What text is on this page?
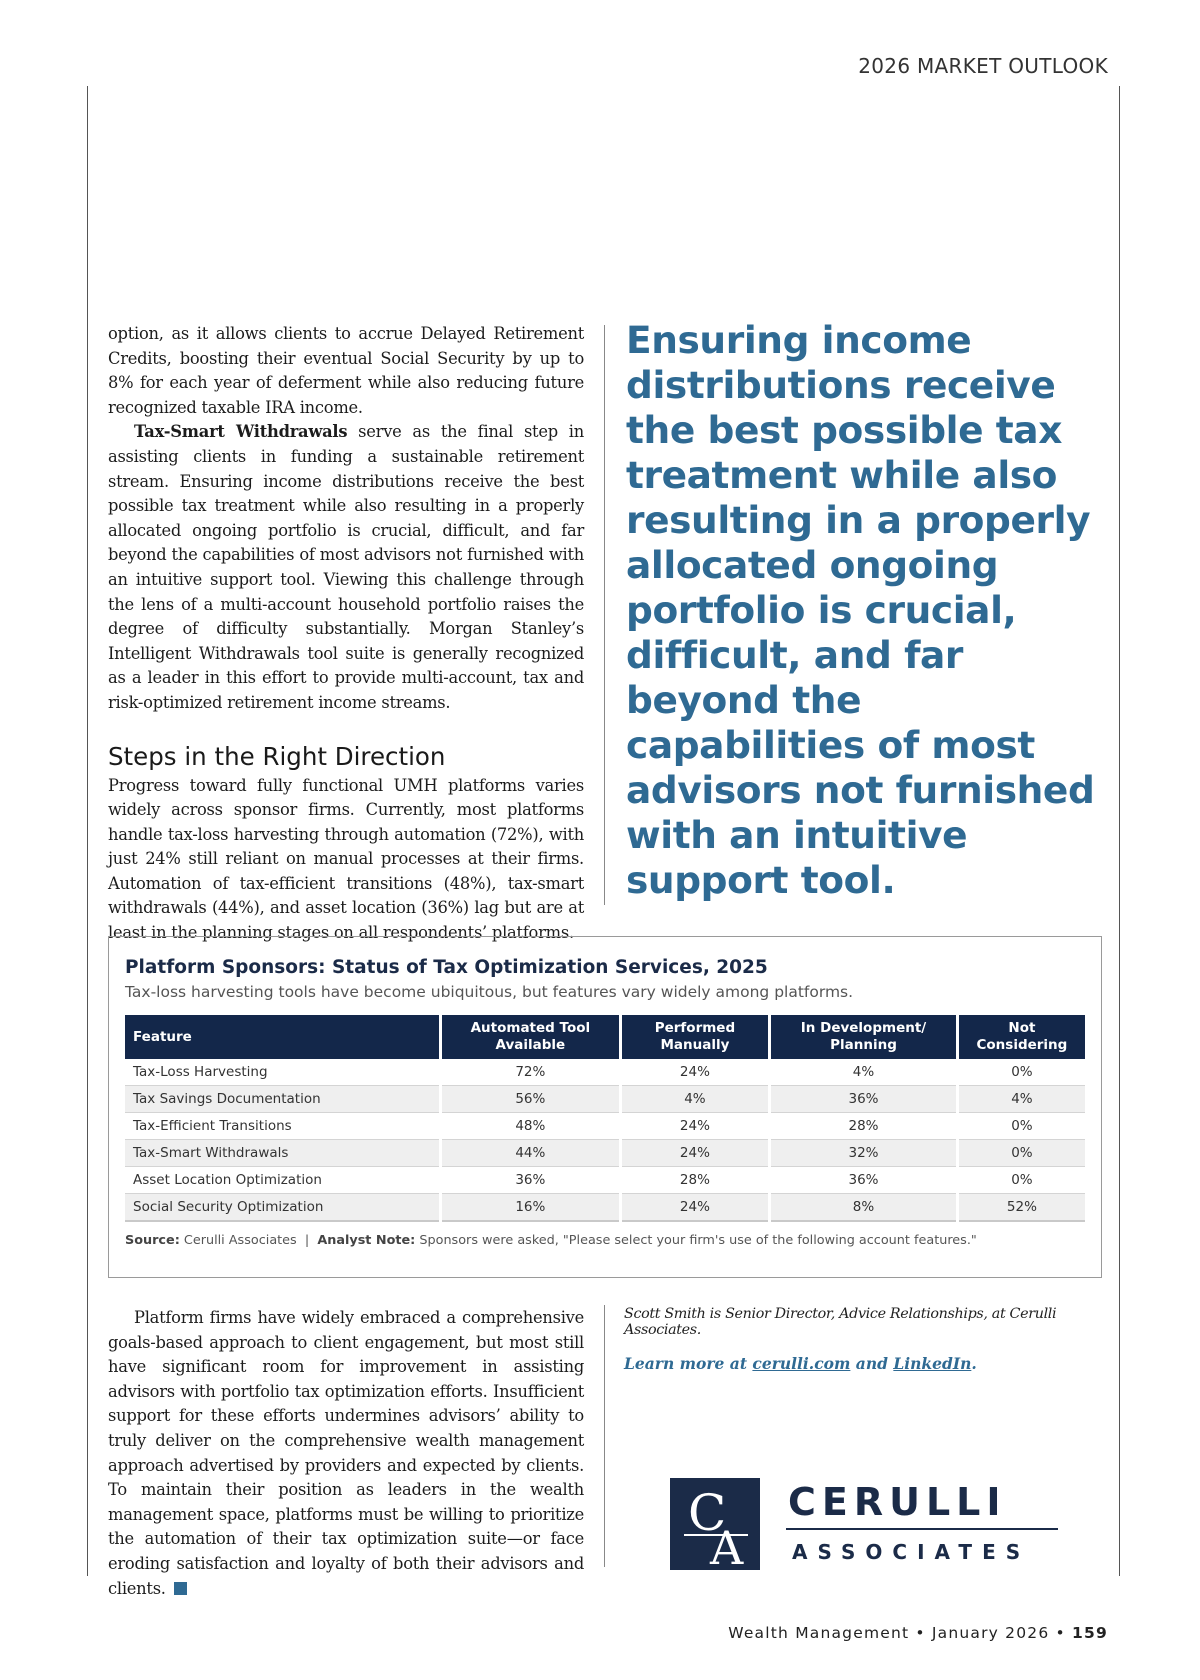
2026 MARKET OUTLOOK

option, as it allows clients to accrue Delayed Retirement Credits, boosting their eventual Social Security by up to 8% for each year of deferment while also reducing future recognized taxable IRA income.

Tax-Smart Withdrawals serve as the final step in assisting clients in funding a sustainable retirement stream. Ensuring income distributions receive the best possible tax treatment while also resulting in a properly allocated ongoing portfolio is crucial, difficult, and far beyond the capabilities of most advisors not furnished with an intuitive support tool. Viewing this challenge through the lens of a multi-account household portfolio raises the degree of difficulty substantially. Morgan Stanley’s Intelligent Withdrawals tool suite is generally recognized as a leader in this effort to provide multi-account, tax and risk-optimized retirement income streams.

Steps in the Right Direction

Progress toward fully functional UMH platforms varies widely across sponsor firms. Currently, most platforms handle tax-loss harvesting through automation (72%), with just 24% still reliant on manual processes at their firms. Automation of tax-efficient transitions (48%), tax-smart withdrawals (44%), and asset location (36%) lag but are at least in the planning stages on all respondents’ platforms.

Ensuring income distributions receive the best possible tax treatment while also resulting in a properly allocated ongoing portfolio is crucial, difficult, and far beyond the capabilities of most advisors not furnished with an intuitive support tool.
Platform Sponsors: Status of Tax Optimization Services, 2025
Tax-loss harvesting tools have become ubiquitous, but features vary widely among platforms.
Feature	Automated Tool Available	Performed Manually	In Development/ Planning	Not Considering
Tax-Loss Harvesting	72%	24%	4%	0%
Tax Savings Documentation	56%	4%	36%	4%
Tax-Efficient Transitions	48%	24%	28%	0%
Tax-Smart Withdrawals	44%	24%	32%	0%
Asset Location Optimization	36%	28%	36%	0%
Social Security Optimization	16%	24%	8%	52%
Source: Cerulli Associates | Analyst Note: Sponsors were asked, "Please select your firm's use of the following account features."

Platform firms have widely embraced a comprehensive goals-based approach to client engagement, but most still have significant room for improvement in assisting advisors with portfolio tax optimization efforts. Insufficient support for these efforts undermines advisors’ ability to truly deliver on the comprehensive wealth management approach advertised by providers and expected by clients. To maintain their position as leaders in the wealth management space, platforms must be willing to prioritize the automation of their tax optimization suite—or face eroding satisfaction and loyalty of both their advisors and clients.

Scott Smith is Senior Director, Advice Relationships, at Cerulli Associates.
Learn more at cerulli.com and LinkedIn.
C
A
CERULLI
ASSOCIATES
Wealth Management • January 2026 • 159
